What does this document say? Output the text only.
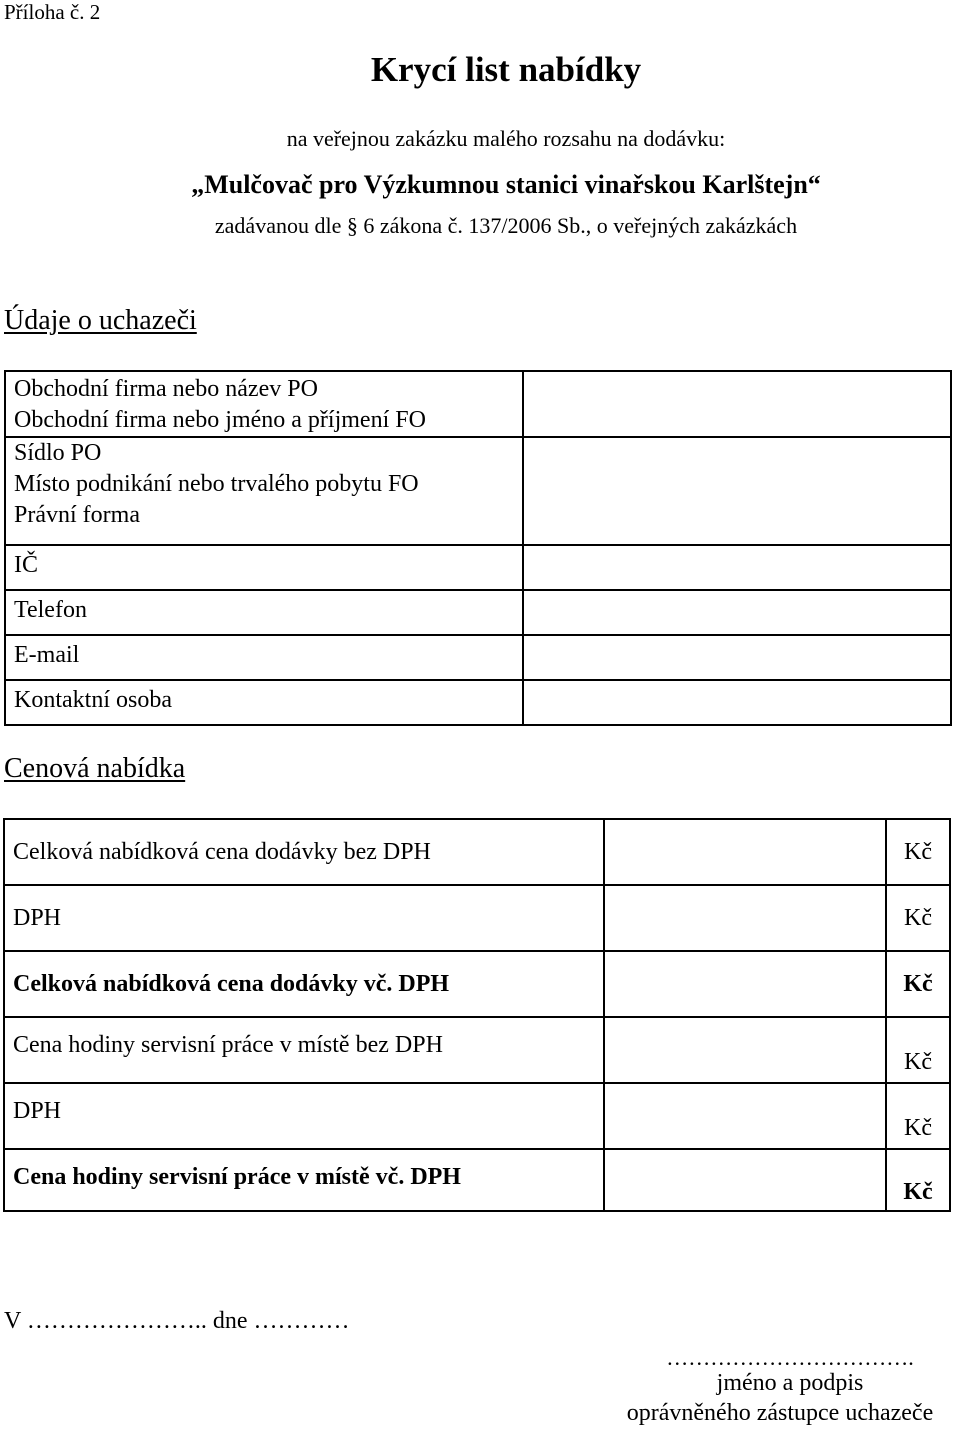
Příloha č. 2
Krycí list nabídky
na veřejnou zakázku malého rozsahu na dodávku:
„Mulčovač pro Výzkumnou stanici vinařskou Karlštejn“
zadávanou dle § 6 zákona č. 137/2006 Sb., o veřejných zakázkách
Údaje o uchazeči
Obchodní firma nebo název PO
Obchodní firma nebo jméno a příjmení FO	

Sídlo PO
Místo podnikání nebo trvalého pobytu FO
Právní forma	

IČ	

Telefon	

E-mail	

Kontaktní osoba	

Cenová nabídka
Celková nabídková cena dodávky bez DPH		Kč
DPH		Kč
Celková nabídková cena dodávky vč. DPH		Kč
Cena hodiny servisní práce v místě bez DPH		Kč
DPH		Kč
Cena hodiny servisní práce v místě vč. DPH		Kč
V ………………….. dne …………
…………………………….
jméno a podpis
oprávněného zástupce uchazeče
